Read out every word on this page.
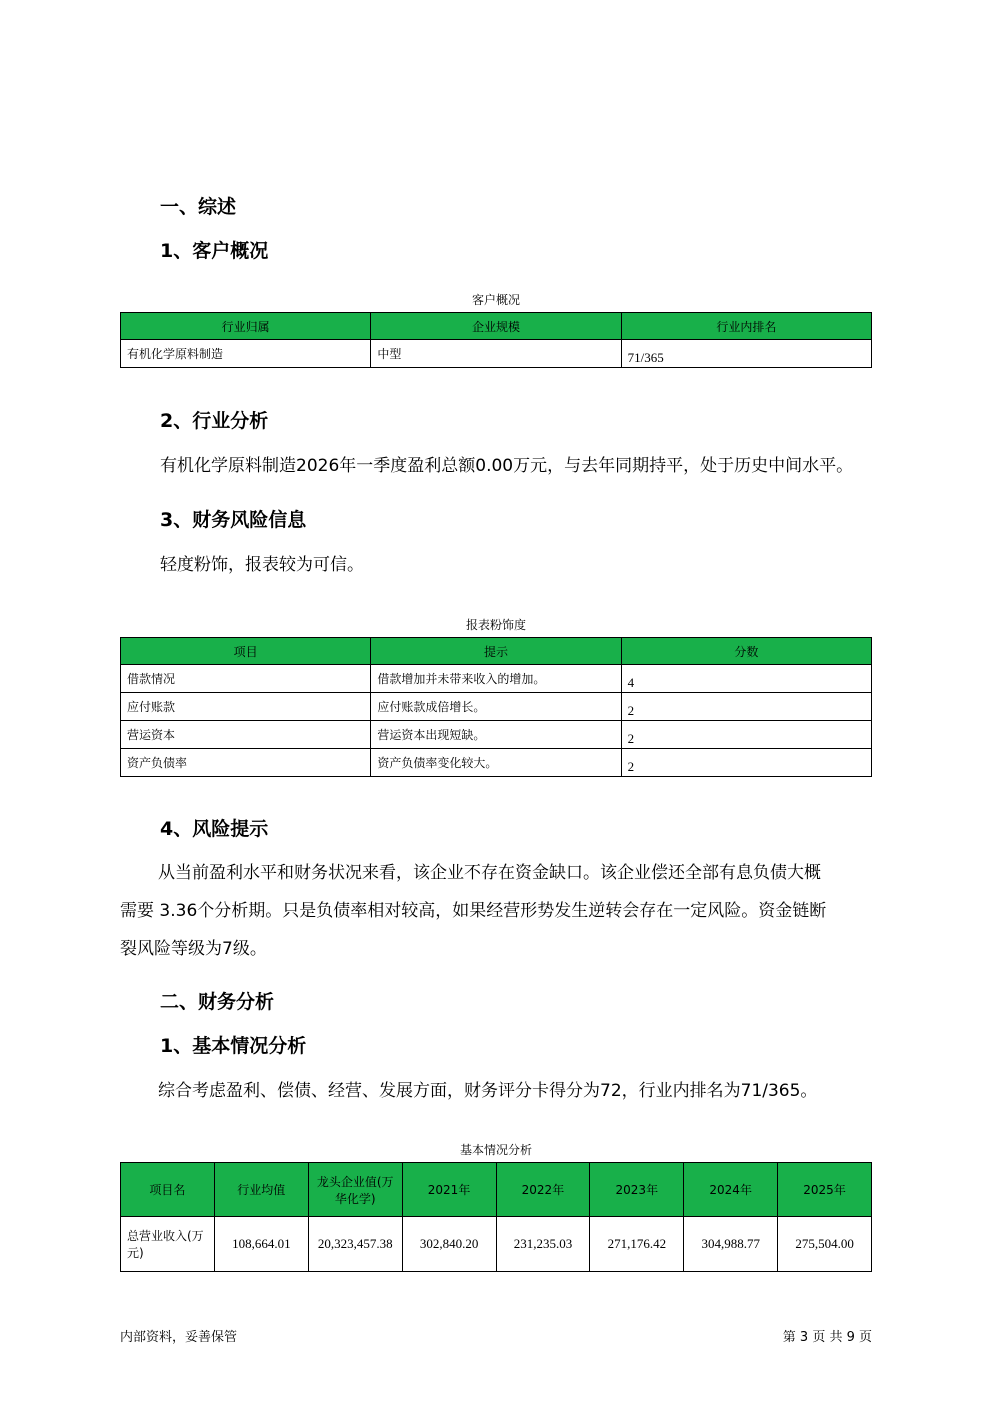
一、综述
1、客户概况
客户概况
行业归属	企业规模	行业内排名
有机化学原料制造	中型	71/365
2、行业分析
有机化学原料制造2026年一季度盈利总额0.00万元，与去年同期持平，处于历史中间水平。
3、财务风险信息
轻度粉饰，报表较为可信。
报表粉饰度
项目	提示	分数
借款情况	借款增加并未带来收入的增加。	4
应付账款	应付账款成倍增长。	2
营运资本	营运资本出现短缺。	2
资产负债率	资产负债率变化较大。	2
4、风险提示
从当前盈利水平和财务状况来看，该企业不存在资金缺口。该企业偿还全部有息负债大概
需要 3.36个分析期。只是负债率相对较高，如果经营形势发生逆转会存在一定风险。资金链断
裂风险等级为7级。
二、财务分析
1、基本情况分析
综合考虑盈利、偿债、经营、发展方面，财务评分卡得分为72，行业内排名为71/365。
基本情况分析
项目名	行业均值	龙头企业值(万华化学)	2021年	2022年	2023年	2024年	2025年
总营业收入(万元)	108,664.01	20,323,457.38	302,840.20	231,235.03	271,176.42	304,988.77	275,504.00
内部资料，妥善保管	第 3 页 共 9 页
